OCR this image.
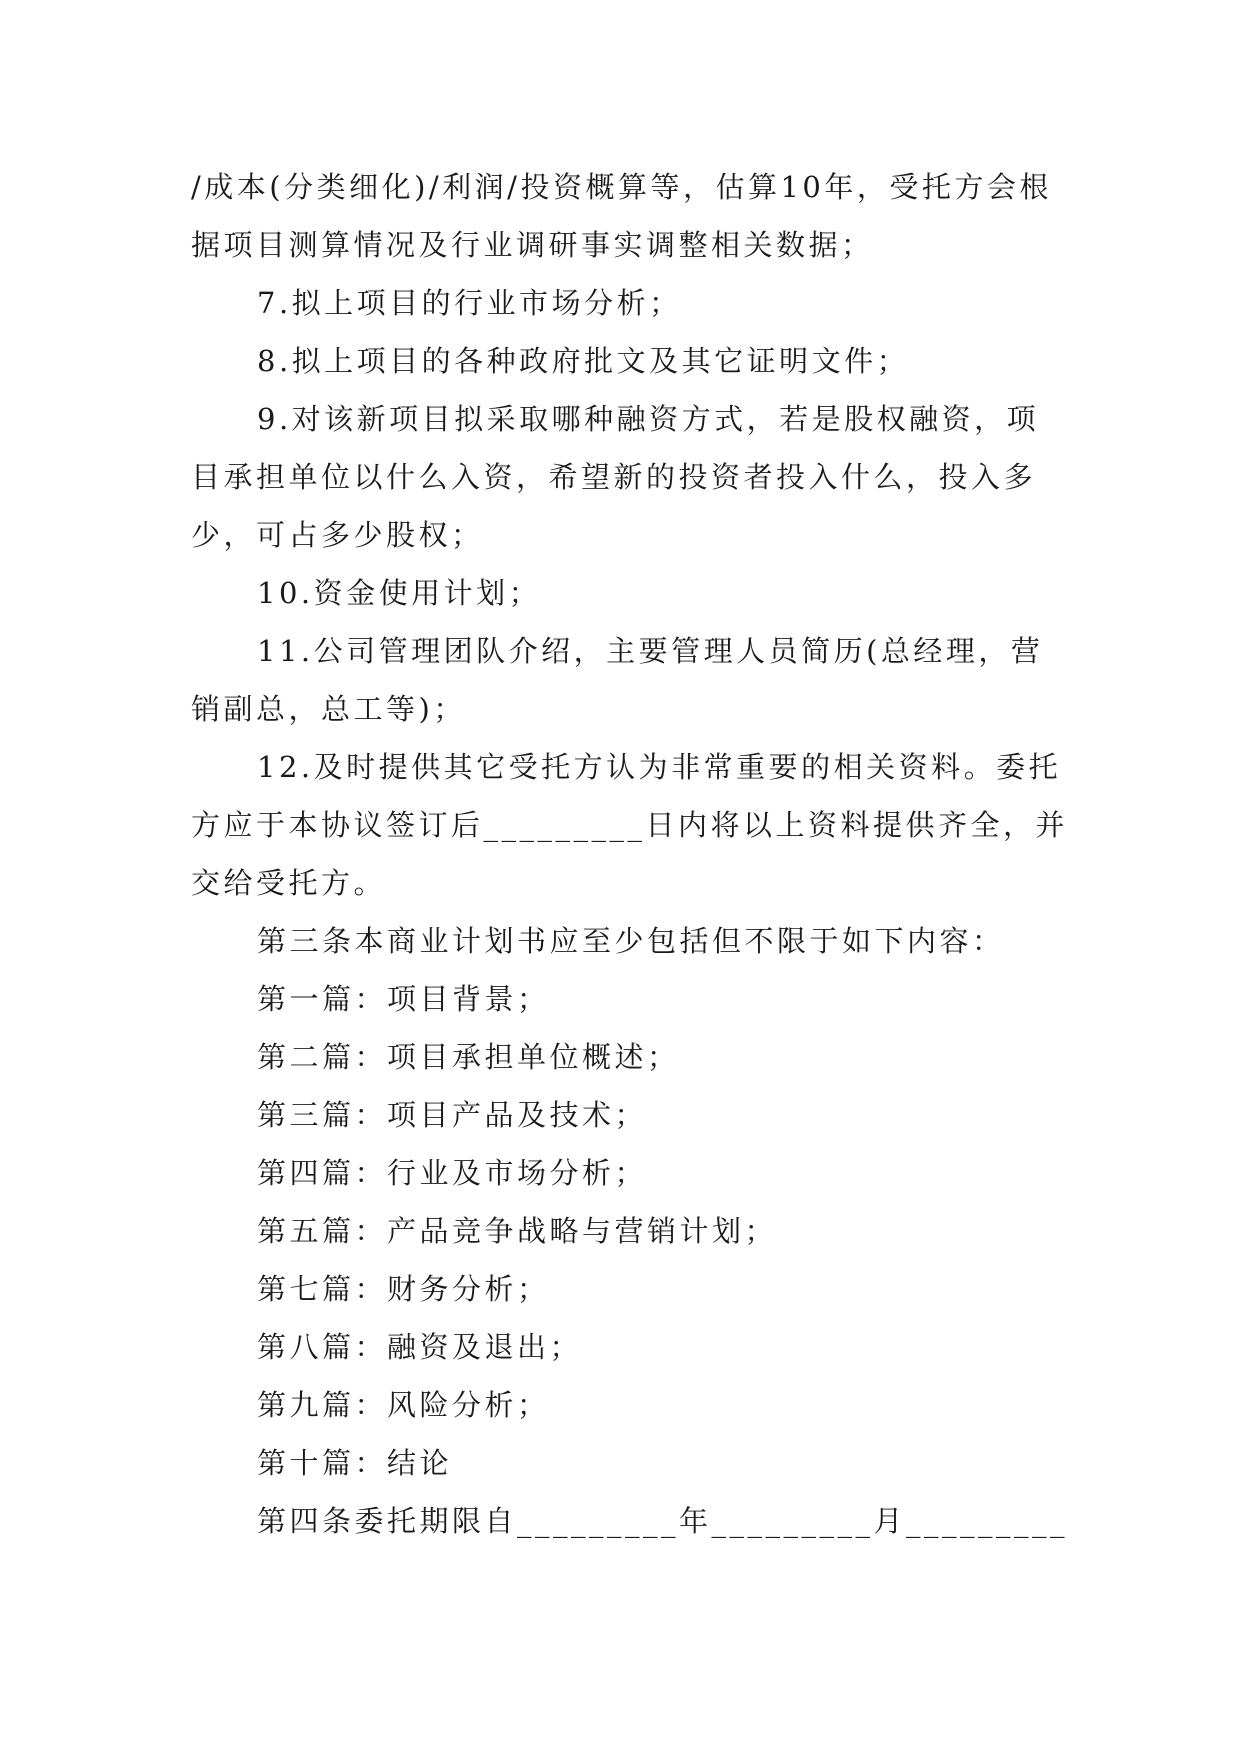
/成本(分类细化)/利润/投资概算等，估算10年，受托方会根据项目测算情况及行业调研事实调整相关数据；

7.拟上项目的行业市场分析；

8.拟上项目的各种政府批文及其它证明文件；

9.对该新项目拟采取哪种融资方式，若是股权融资，项目承担单位以什么入资，希望新的投资者投入什么，投入多少，可占多少股权；

10.资金使用计划；

11.公司管理团队介绍，主要管理人员简历(总经理，营销副总，总工等)；

12.及时提供其它受托方认为非常重要的相关资料。委托方应于本协议签订后_________日内将以上资料提供齐全，并交给受托方。

第三条本商业计划书应至少包括但不限于如下内容：

第一篇：项目背景；

第二篇：项目承担单位概述；

第三篇：项目产品及技术；

第四篇：行业及市场分析；

第五篇：产品竞争战略与营销计划；

第七篇：财务分析；

第八篇：融资及退出；

第九篇：风险分析；

第十篇：结论

第四条委托期限自_________年_________月_________
